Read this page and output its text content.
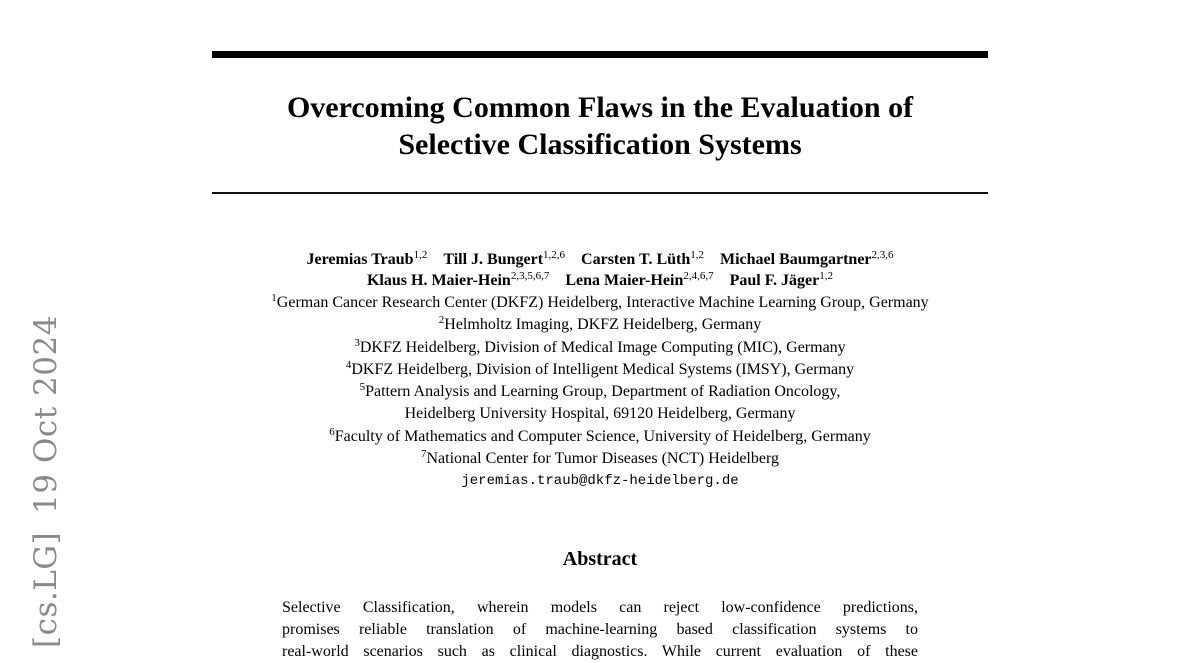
[cs.LG]19 Oct 2024
Overcoming Common Flaws in the Evaluation of
Selective Classification Systems
Jeremias Traub$^{1,2}$ Till J. Bungert$^{1,2,6}$ Carsten T. Lüth$^{1,2}$ Michael Baumgartner$^{2,3,6}$
Klaus H. Maier-Hein$^{2,3,5,6,7}$ Lena Maier-Hein$^{2,4,6,7}$ Paul F. Jäger$^{1,2}$
$^1$German Cancer Research Center (DKFZ) Heidelberg, Interactive Machine Learning Group, Germany
$^2$Helmholtz Imaging, DKFZ Heidelberg, Germany
$^3$DKFZ Heidelberg, Division of Medical Image Computing (MIC), Germany
$^4$DKFZ Heidelberg, Division of Intelligent Medical Systems (IMSY), Germany
$^5$Pattern Analysis and Learning Group, Department of Radiation Oncology,
Heidelberg University Hospital, 69120 Heidelberg, Germany
$^6$Faculty of Mathematics and Computer Science, University of Heidelberg, Germany
$^7$National Center for Tumor Diseases (NCT) Heidelberg
jeremias.traub@dkfz-heidelberg.de
Abstract
Selective Classification, wherein models can reject low-confidence predictions,
promises reliable translation of machine-learning based classification systems to
real-world scenarios such as clinical diagnostics. While current evaluation of these
